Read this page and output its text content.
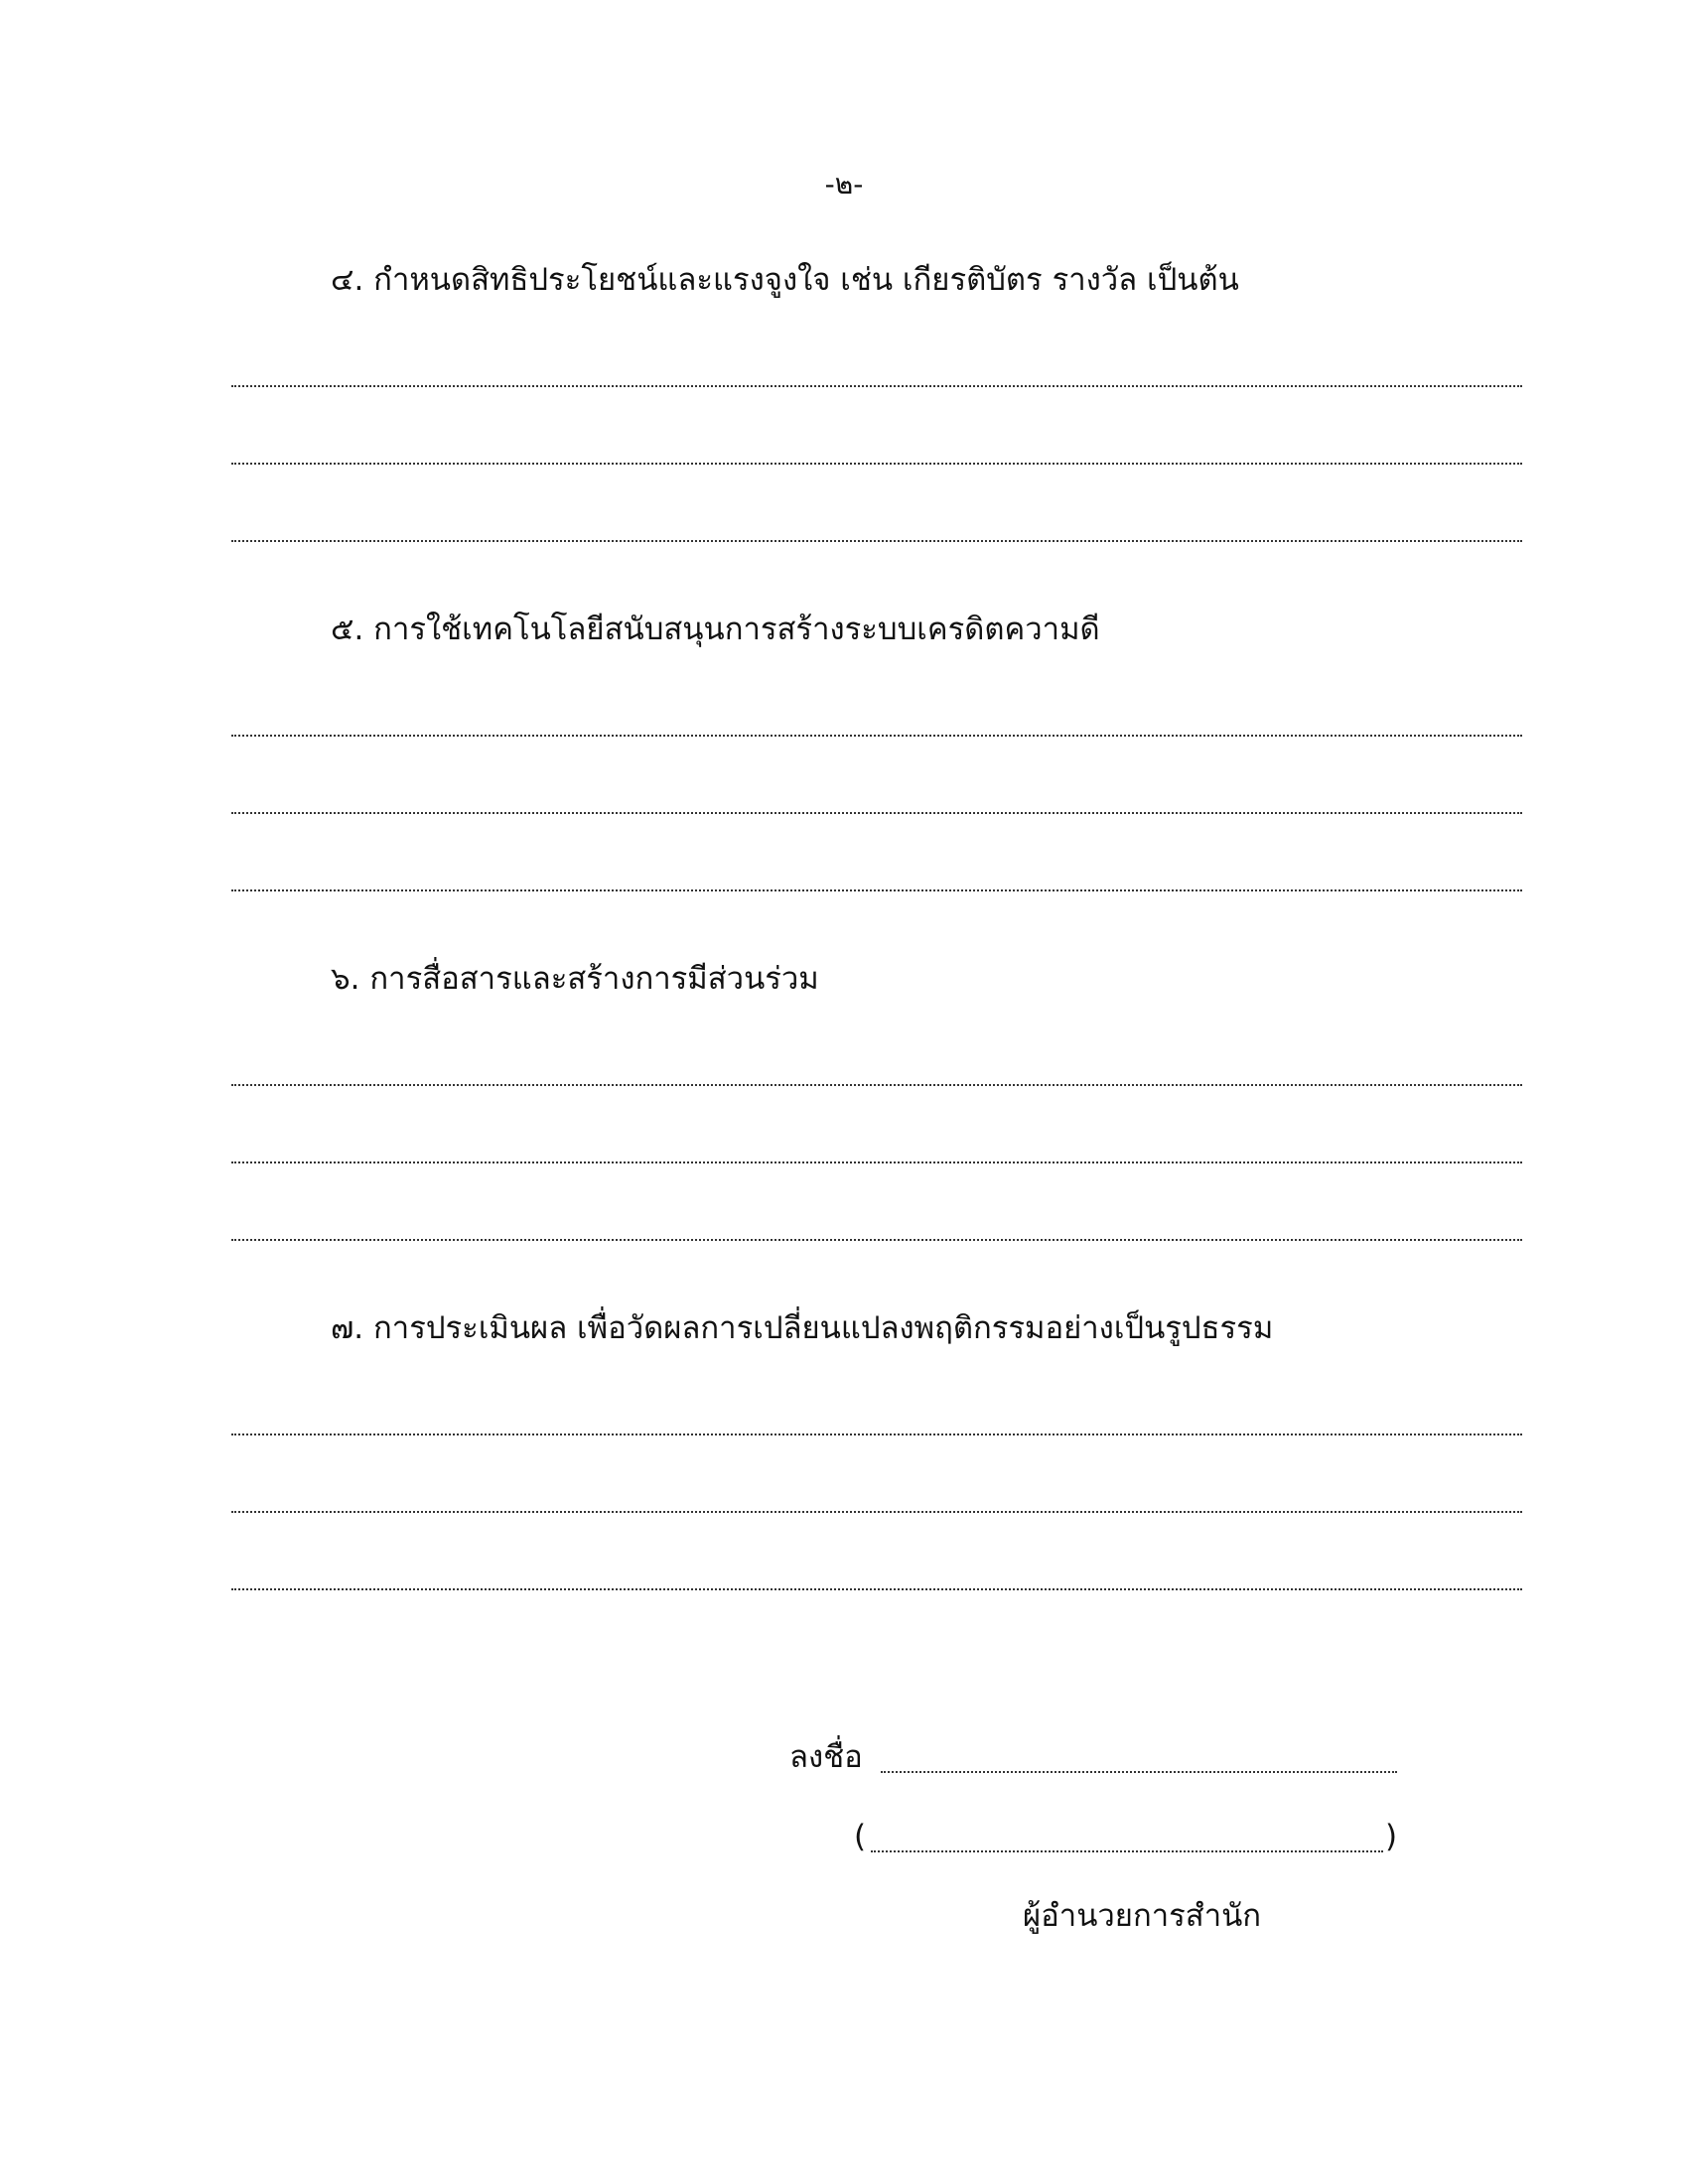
-๒-
๔. กำหนดสิทธิประโยชน์และแรงจูงใจ เช่น เกียรติบัตร รางวัล เป็นต้น
๕. การใช้เทคโนโลยีสนับสนุนการสร้างระบบเครดิตความดี
๖. การสื่อสารและสร้างการมีส่วนร่วม
๗. การประเมินผล เพื่อวัดผลการเปลี่ยนแปลงพฤติกรรมอย่างเป็นรูปธรรม
ลงชื่อ
(	)
ผู้อำนวยการสำนัก
